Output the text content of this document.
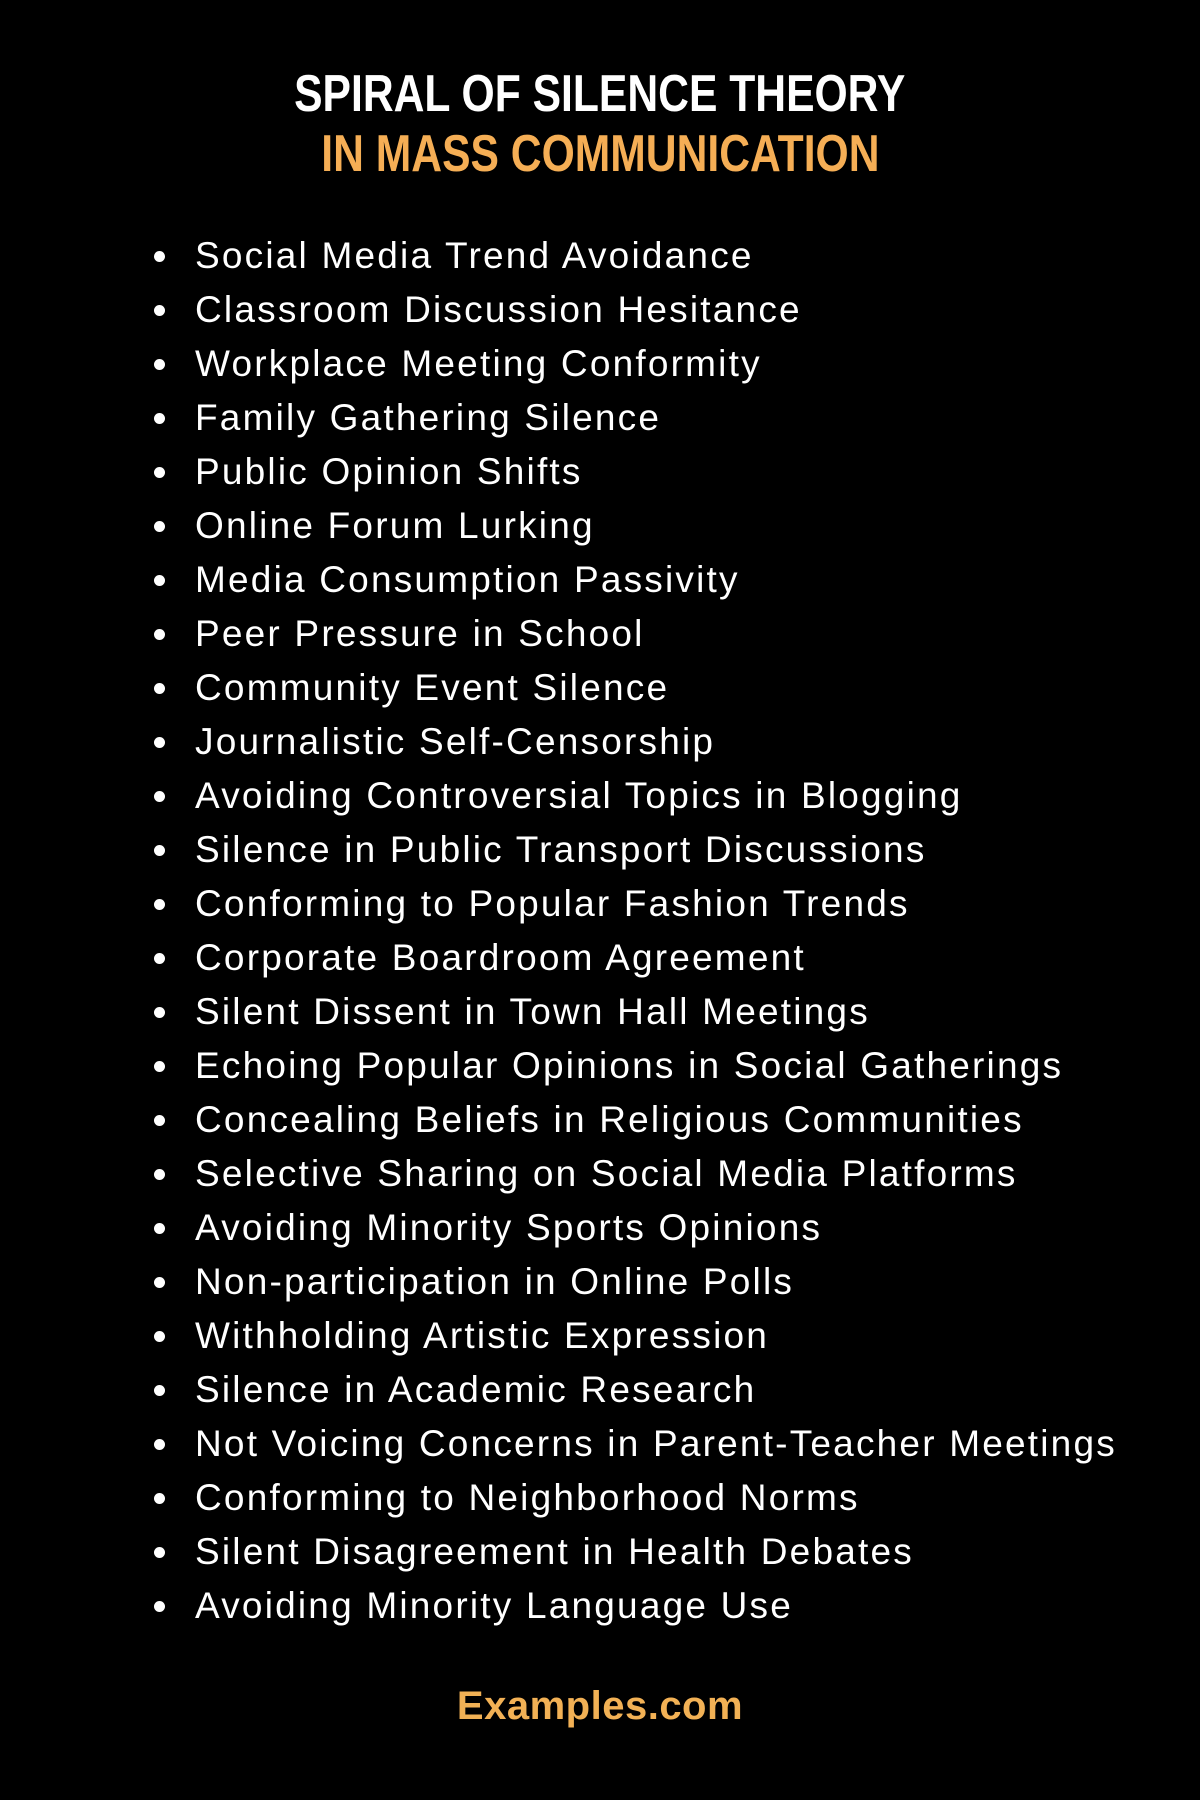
SPIRAL OF SILENCE THEORY
IN MASS COMMUNICATION
Social Media Trend Avoidance
Classroom Discussion Hesitance
Workplace Meeting Conformity
Family Gathering Silence
Public Opinion Shifts
Online Forum Lurking
Media Consumption Passivity
Peer Pressure in School
Community Event Silence
Journalistic Self-Censorship
Avoiding Controversial Topics in Blogging
Silence in Public Transport Discussions
Conforming to Popular Fashion Trends
Corporate Boardroom Agreement
Silent Dissent in Town Hall Meetings
Echoing Popular Opinions in Social Gatherings
Concealing Beliefs in Religious Communities
Selective Sharing on Social Media Platforms
Avoiding Minority Sports Opinions
Non-participation in Online Polls
Withholding Artistic Expression
Silence in Academic Research
Not Voicing Concerns in Parent-Teacher Meetings
Conforming to Neighborhood Norms
Silent Disagreement in Health Debates
Avoiding Minority Language Use
Examples.com
